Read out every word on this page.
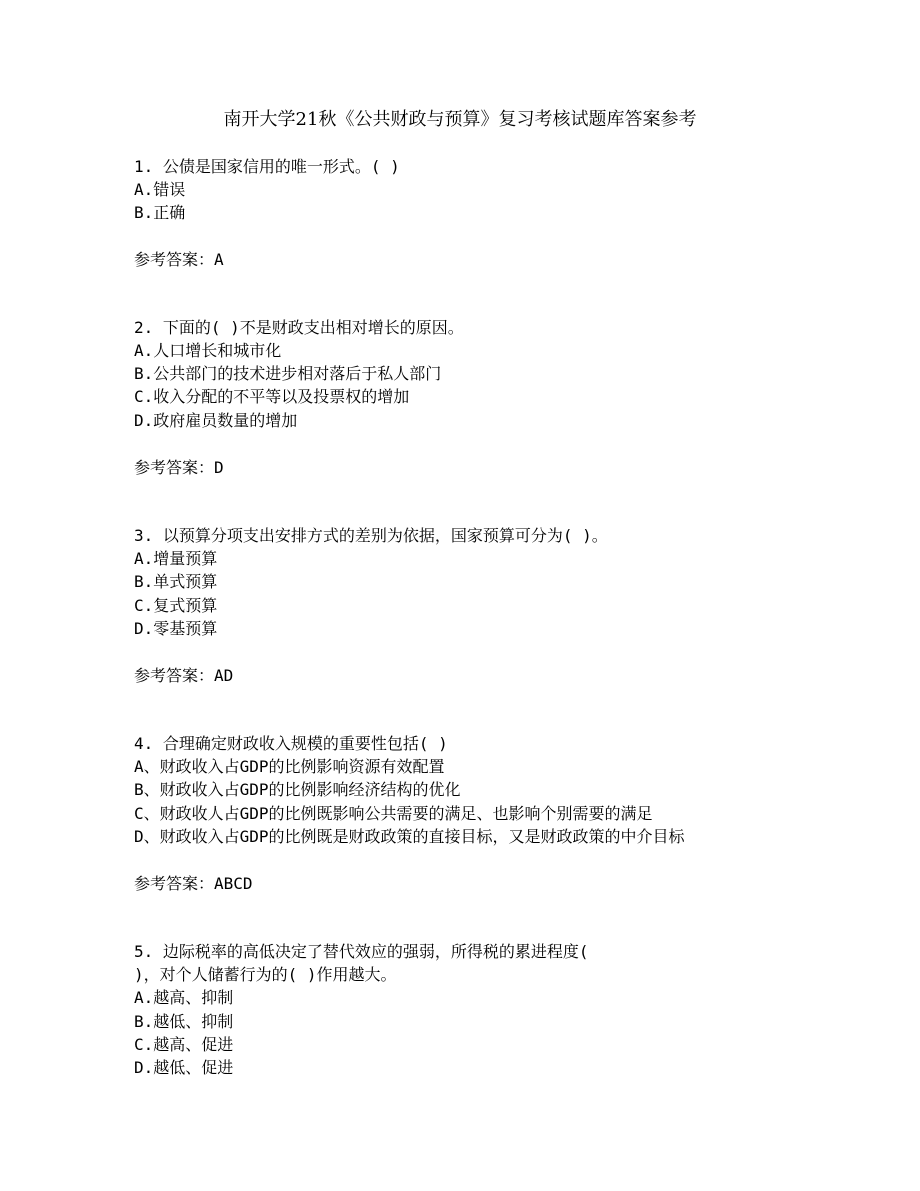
南开大学21秋《公共财政与预算》复习考核试题库答案参考
1. 公债是国家信用的唯一形式。( )
A.错误
B.正确
参考答案：A
2. 下面的( )不是财政支出相对增长的原因。
A.人口增长和城市化
B.公共部门的技术进步相对落后于私人部门
C.收入分配的不平等以及投票权的增加
D.政府雇员数量的增加
参考答案：D
3. 以预算分项支出安排方式的差别为依据，国家预算可分为( )。
A.增量预算
B.单式预算
C.复式预算
D.零基预算
参考答案：AD
4. 合理确定财政收入规模的重要性包括( )
A、财政收入占GDP的比例影响资源有效配置
B、财政收入占GDP的比例影响经济结构的优化
C、财政收人占GDP的比例既影响公共需要的满足、也影响个别需要的满足
D、财政收入占GDP的比例既是财政政策的直接目标，又是财政政策的中介目标
参考答案：ABCD
5. 边际税率的高低决定了替代效应的强弱，所得税的累进程度(
)，对个人储蓄行为的( )作用越大。
A.越高、抑制
B.越低、抑制
C.越高、促进
D.越低、促进
